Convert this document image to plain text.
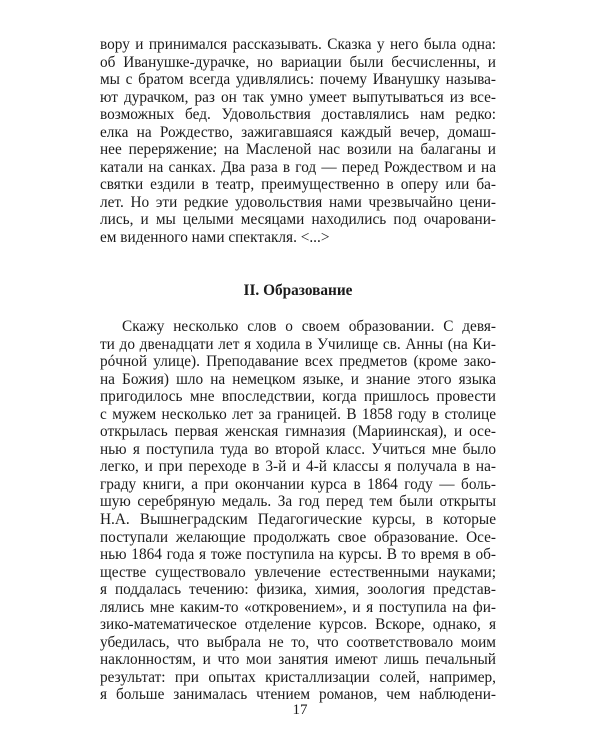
вору и принимался рассказывать. Сказка у него была одна:
об Иванушке-дурачке, но вариации были бесчисленны, и
мы с братом всегда удивлялись: почему Иванушку называ-
ют дурачком, раз он так умно умеет выпутываться из все-
возможных бед. Удовольствия доставлялись нам редко:
елка на Рождество, зажигавшаяся каждый вечер, домаш-
нее переряжение; на Масленой нас возили на балаганы и
катали на санках. Два раза в год — перед Рождеством и на
святки ездили в театр, преимущественно в оперу или ба-
лет. Но эти редкие удовольствия нами чрезвычайно цени-
лись, и мы целыми месяцами находились под очаровани-
ем виденного нами спектакля. <...>
II. Образование
Скажу несколько слов о своем образовании. С девя-
ти до двенадцати лет я ходила в Училище св. Анны (на Ки-
рóчной улице). Преподавание всех предметов (кроме зако-
на Божия) шло на немецком языке, и знание этого языка
пригодилось мне впоследствии, когда пришлось провести
с мужем несколько лет за границей. В 1858 году в столице
открылась первая женская гимназия (Мариинская), и осе-
нью я поступила туда во второй класс. Учиться мне было
легко, и при переходе в 3-й и 4-й классы я получала в на-
граду книги, а при окончании курса в 1864 году — боль-
шую серебряную медаль. За год перед тем были открыты
Н.А. Вышнеградским Педагогические курсы, в которые
поступали желающие продолжать свое образование. Осе-
нью 1864 года я тоже поступила на курсы. В то время в об-
ществе существовало увлечение естественными науками;
я поддалась течению: физика, химия, зоология представ-
лялись мне каким-то «откровением», и я поступила на фи-
зико-математическое отделение курсов. Вскоре, однако, я
убедилась, что выбрала не то, что соответствовало моим
наклонностям, и что мои занятия имеют лишь печальный
результат: при опытах кристаллизации солей, например,
я больше занималась чтением романов, чем наблюдени-
17
